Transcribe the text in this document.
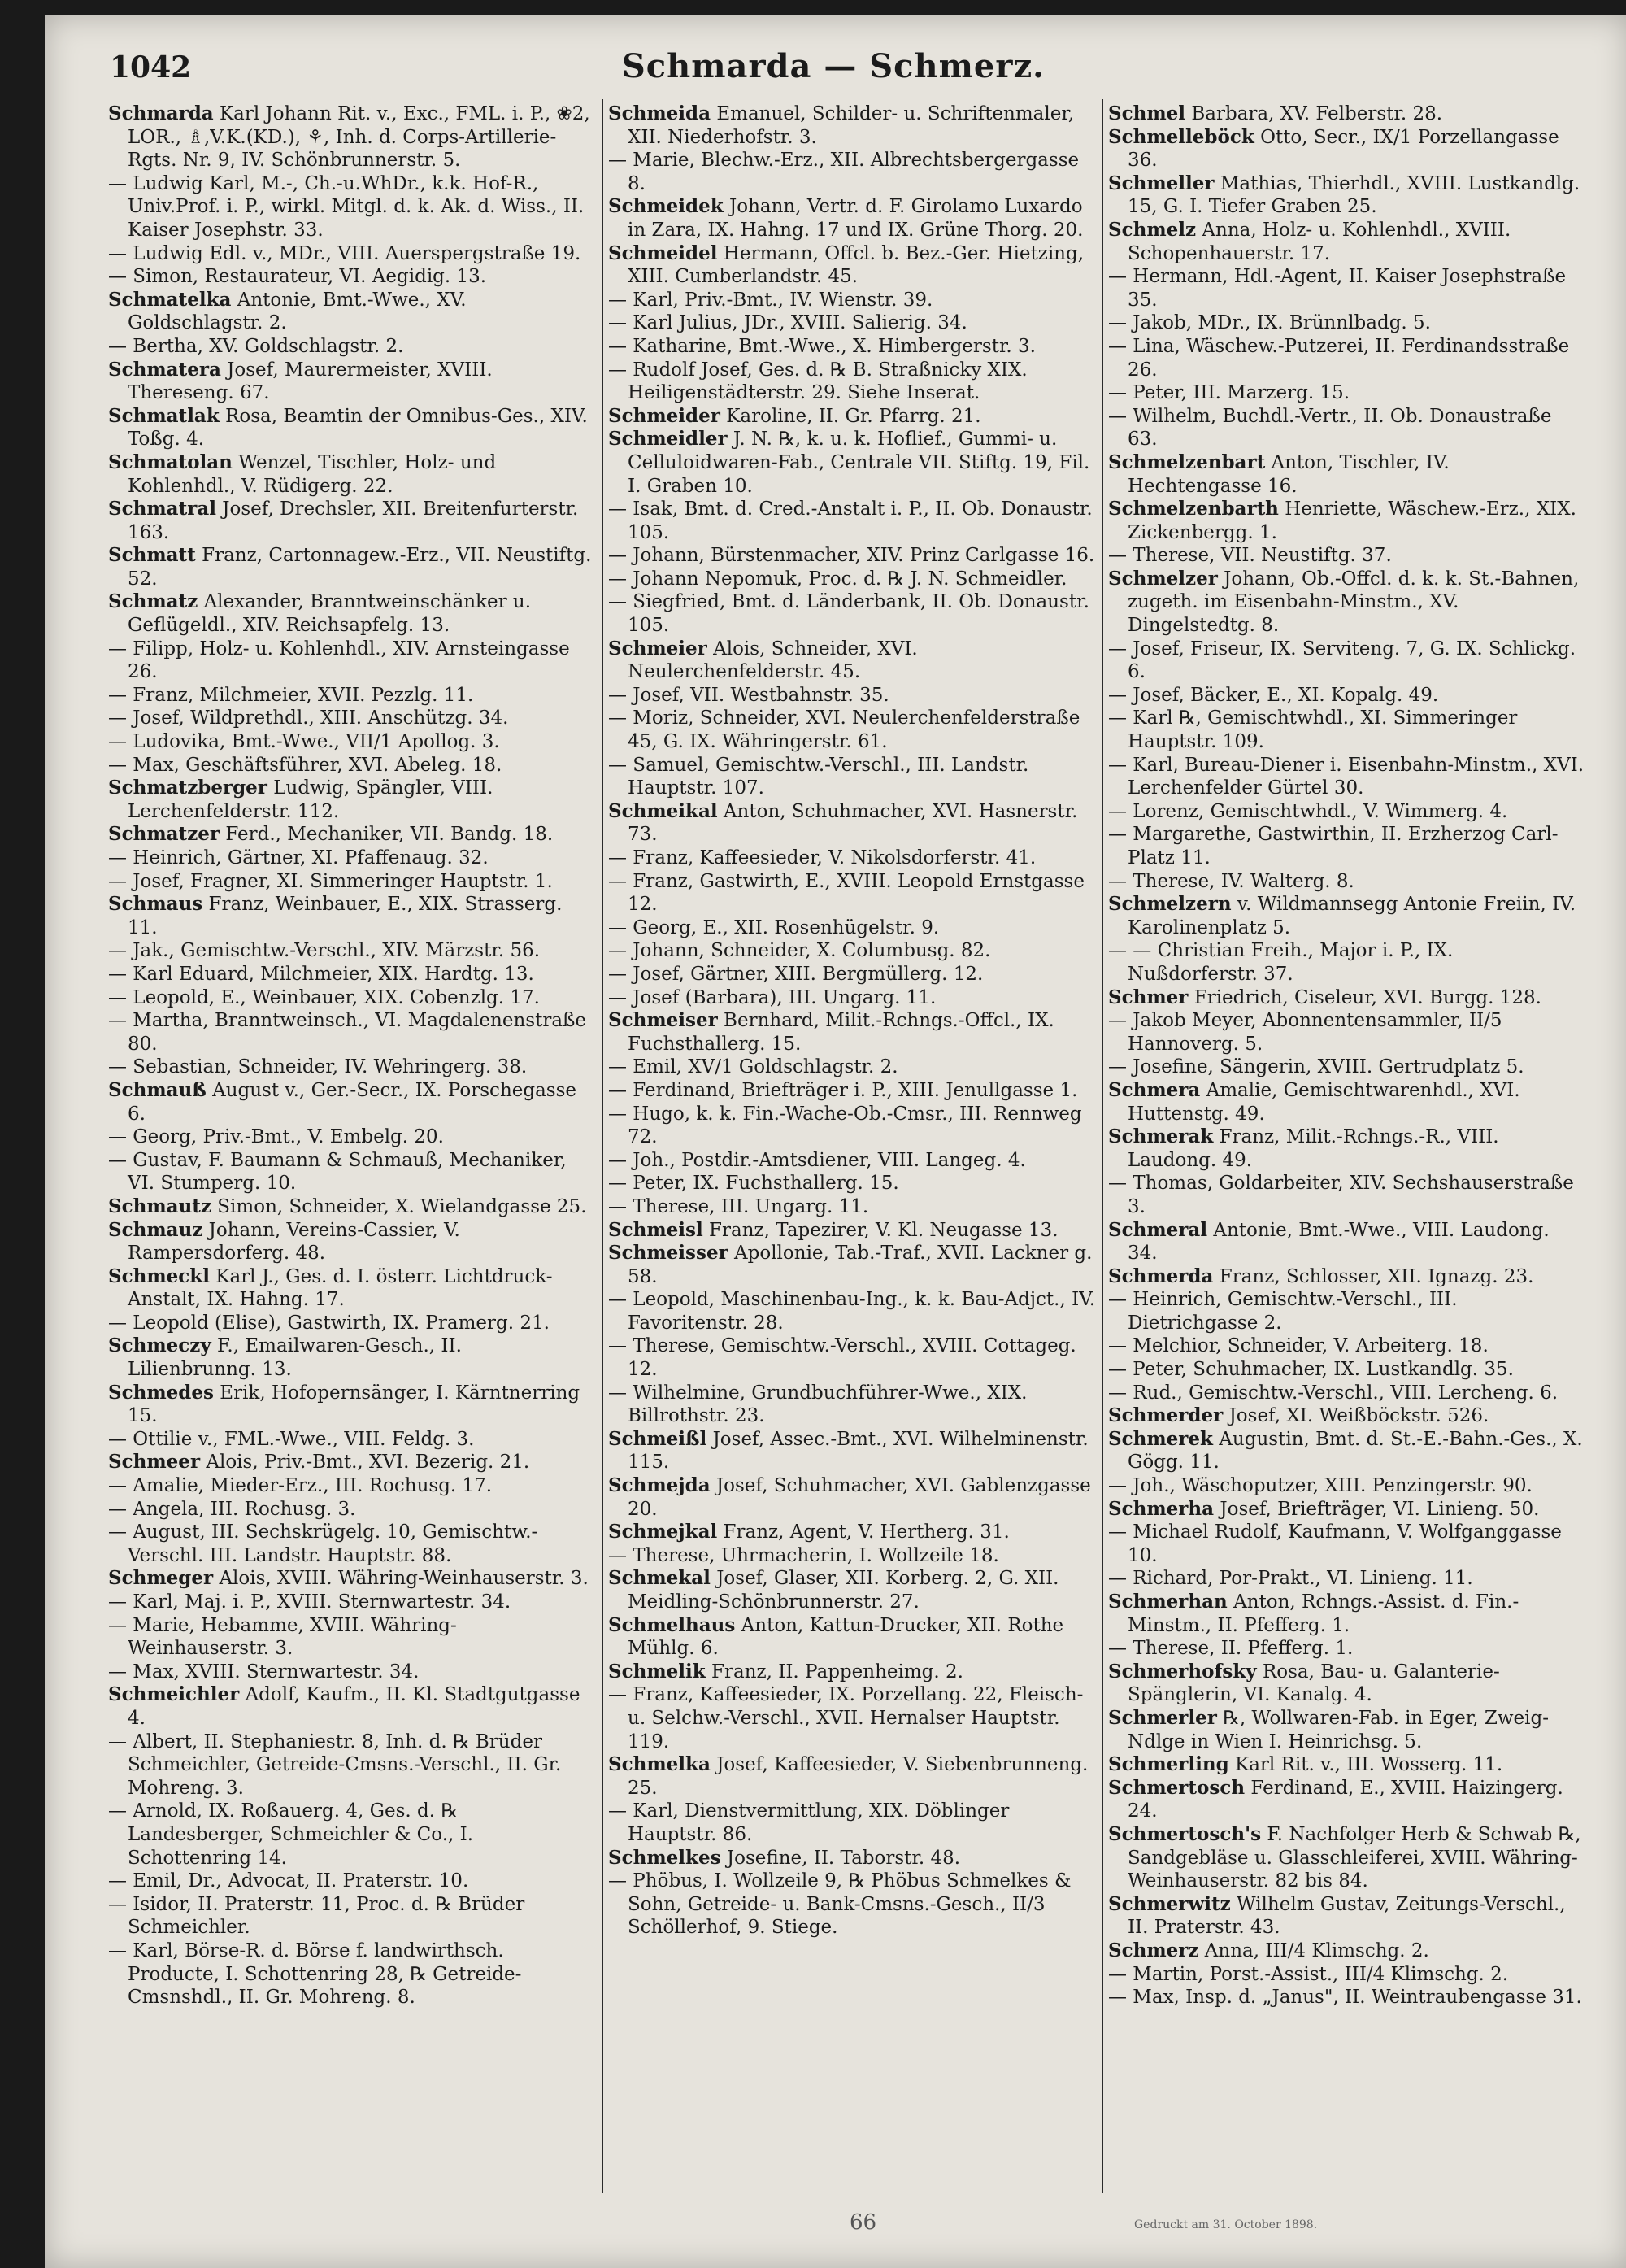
1042	Schmarda — Schmerz.

Schmarda Karl Johann Rit. v., Exc., FML. i. P., ❀2, LOR., ♗,V.K.(KD.), ⚘, Inh. d. Corps-Artillerie-Rgts. Nr. 9, IV. Schönbrunnerstr. 5.

— Ludwig Karl, M.-, Ch.-u.WhDr., k.k. Hof-R., Univ.Prof. i. P., wirkl. Mitgl. d. k. Ak. d. Wiss., II. Kaiser Josephstr. 33.

— Ludwig Edl. v., MDr., VIII. Auerspergstraße 19.

— Simon, Restaurateur, VI. Aegidig. 13.

Schmatelka Antonie, Bmt.-Wwe., XV. Goldschlagstr. 2.

— Bertha, XV. Goldschlagstr. 2.

Schmatera Josef, Maurermeister, XVIII. Thereseng. 67.

Schmatlak Rosa, Beamtin der Omnibus-Ges., XIV. Toßg. 4.

Schmatolan Wenzel, Tischler, Holz- und Kohlenhdl., V. Rüdigerg. 22.

Schmatral Josef, Drechsler, XII. Breitenfurterstr. 163.

Schmatt Franz, Cartonnagew.-Erz., VII. Neustiftg. 52.

Schmatz Alexander, Branntweinschänker u. Geflügeldl., XIV. Reichsapfelg. 13.

— Filipp, Holz- u. Kohlenhdl., XIV. Arnsteingasse 26.

— Franz, Milchmeier, XVII. Pezzlg. 11.

— Josef, Wildprethdl., XIII. Anschützg. 34.

— Ludovika, Bmt.-Wwe., VII/1 Apollog. 3.

— Max, Geschäftsführer, XVI. Abeleg. 18.

Schmatzberger Ludwig, Spängler, VIII. Lerchenfelderstr. 112.

Schmatzer Ferd., Mechaniker, VII. Bandg. 18.

— Heinrich, Gärtner, XI. Pfaffenaug. 32.

— Josef, Fragner, XI. Simmeringer Hauptstr. 1.

Schmaus Franz, Weinbauer, E., XIX. Strasserg. 11.

— Jak., Gemischtw.-Verschl., XIV. Märzstr. 56.

— Karl Eduard, Milchmeier, XIX. Hardtg. 13.

— Leopold, E., Weinbauer, XIX. Cobenzlg. 17.

— Martha, Branntweinsch., VI. Magdalenenstraße 80.

— Sebastian, Schneider, IV. Wehringerg. 38.

Schmauß August v., Ger.-Secr., IX. Porschegasse 6.

— Georg, Priv.-Bmt., V. Embelg. 20.

— Gustav, F. Baumann & Schmauß, Mechaniker, VI. Stumperg. 10.

Schmautz Simon, Schneider, X. Wielandgasse 25.

Schmauz Johann, Vereins-Cassier, V. Rampersdorferg. 48.

Schmeckl Karl J., Ges. d. I. österr. Lichtdruck-Anstalt, IX. Hahng. 17.

— Leopold (Elise), Gastwirth, IX. Pramerg. 21.

Schmeczy F., Emailwaren-Gesch., II. Lilienbrunng. 13.

Schmedes Erik, Hofopernsänger, I. Kärntnerring 15.

— Ottilie v., FML.-Wwe., VIII. Feldg. 3.

Schmeer Alois, Priv.-Bmt., XVI. Bezerig. 21.

— Amalie, Mieder-Erz., III. Rochusg. 17.

— Angela, III. Rochusg. 3.

— August, III. Sechskrügelg. 10, Gemischtw.-Verschl. III. Landstr. Hauptstr. 88.

Schmeger Alois, XVIII. Währing-Weinhauserstr. 3.

— Karl, Maj. i. P., XVIII. Sternwartestr. 34.

— Marie, Hebamme, XVIII. Währing-Weinhauserstr. 3.

— Max, XVIII. Sternwartestr. 34.

Schmeichler Adolf, Kaufm., II. Kl. Stadtgutgasse 4.

— Albert, II. Stephaniestr. 8, Inh. d. ℞ Brüder Schmeichler, Getreide-Cmsns.-Verschl., II. Gr. Mohreng. 3.

— Arnold, IX. Roßauerg. 4, Ges. d. ℞ Landesberger, Schmeichler & Co., I. Schottenring 14.

— Emil, Dr., Advocat, II. Praterstr. 10.

— Isidor, II. Praterstr. 11, Proc. d. ℞ Brüder Schmeichler.

— Karl, Börse-R. d. Börse f. landwirthsch. Producte, I. Schottenring 28, ℞ Getreide-Cmsnshdl., II. Gr. Mohreng. 8.

Schmeida Emanuel, Schilder- u. Schriftenmaler, XII. Niederhofstr. 3.

— Marie, Blechw.-Erz., XII. Albrechtsbergergasse 8.

Schmeidek Johann, Vertr. d. F. Girolamo Luxardo in Zara, IX. Hahng. 17 und IX. Grüne Thorg. 20.

Schmeidel Hermann, Offcl. b. Bez.-Ger. Hietzing, XIII. Cumberlandstr. 45.

— Karl, Priv.-Bmt., IV. Wienstr. 39.

— Karl Julius, JDr., XVIII. Salierig. 34.

— Katharine, Bmt.-Wwe., X. Himbergerstr. 3.

— Rudolf Josef, Ges. d. ℞ B. Straßnicky XIX. Heiligenstädterstr. 29. Siehe Inserat.

Schmeider Karoline, II. Gr. Pfarrg. 21.

Schmeidler J. N. ℞, k. u. k. Hoflief., Gummi- u. Celluloidwaren-Fab., Centrale VII. Stiftg. 19, Fil. I. Graben 10.

— Isak, Bmt. d. Cred.-Anstalt i. P., II. Ob. Donaustr. 105.

— Johann, Bürstenmacher, XIV. Prinz Carlgasse 16.

— Johann Nepomuk, Proc. d. ℞ J. N. Schmeidler.

— Siegfried, Bmt. d. Länderbank, II. Ob. Donaustr. 105.

Schmeier Alois, Schneider, XVI. Neulerchenfelderstr. 45.

— Josef, VII. Westbahnstr. 35.

— Moriz, Schneider, XVI. Neulerchenfelderstraße 45, G. IX. Währingerstr. 61.

— Samuel, Gemischtw.-Verschl., III. Landstr. Hauptstr. 107.

Schmeikal Anton, Schuhmacher, XVI. Hasnerstr. 73.

— Franz, Kaffeesieder, V. Nikolsdorferstr. 41.

— Franz, Gastwirth, E., XVIII. Leopold Ernstgasse 12.

— Georg, E., XII. Rosenhügelstr. 9.

— Johann, Schneider, X. Columbusg. 82.

— Josef, Gärtner, XIII. Bergmüllerg. 12.

— Josef (Barbara), III. Ungarg. 11.

Schmeiser Bernhard, Milit.-Rchngs.-Offcl., IX. Fuchsthallerg. 15.

— Emil, XV/1 Goldschlagstr. 2.

— Ferdinand, Briefträger i. P., XIII. Jenullgasse 1.

— Hugo, k. k. Fin.-Wache-Ob.-Cmsr., III. Rennweg 72.

— Joh., Postdir.-Amtsdiener, VIII. Langeg. 4.

— Peter, IX. Fuchsthallerg. 15.

— Therese, III. Ungarg. 11.

Schmeisl Franz, Tapezirer, V. Kl. Neugasse 13.

Schmeisser Apollonie, Tab.-Traf., XVII. Lackner g. 58.

— Leopold, Maschinenbau-Ing., k. k. Bau-Adjct., IV. Favoritenstr. 28.

— Therese, Gemischtw.-Verschl., XVIII. Cottageg. 12.

— Wilhelmine, Grundbuchführer-Wwe., XIX. Billrothstr. 23.

Schmeißl Josef, Assec.-Bmt., XVI. Wilhelminenstr. 115.

Schmejda Josef, Schuhmacher, XVI. Gablenzgasse 20.

Schmejkal Franz, Agent, V. Hertherg. 31.

— Therese, Uhrmacherin, I. Wollzeile 18.

Schmekal Josef, Glaser, XII. Korberg. 2, G. XII. Meidling-Schönbrunnerstr. 27.

Schmelhaus Anton, Kattun-Drucker, XII. Rothe Mühlg. 6.

Schmelik Franz, II. Pappenheimg. 2.

— Franz, Kaffeesieder, IX. Porzellang. 22, Fleisch- u. Selchw.-Verschl., XVII. Hernalser Hauptstr. 119.

Schmelka Josef, Kaffeesieder, V. Siebenbrunneng. 25.

— Karl, Dienstvermittlung, XIX. Döblinger Hauptstr. 86.

Schmelkes Josefine, II. Taborstr. 48.

— Phöbus, I. Wollzeile 9, ℞ Phöbus Schmelkes & Sohn, Getreide- u. Bank-Cmsns.-Gesch., II/3 Schöllerhof, 9. Stiege.

Schmel Barbara, XV. Felberstr. 28.

Schmelleböck Otto, Secr., IX/1 Porzellangasse 36.

Schmeller Mathias, Thierhdl., XVIII. Lustkandlg. 15, G. I. Tiefer Graben 25.

Schmelz Anna, Holz- u. Kohlenhdl., XVIII. Schopenhauerstr. 17.

— Hermann, Hdl.-Agent, II. Kaiser Josephstraße 35.

— Jakob, MDr., IX. Brünnlbadg. 5.

— Lina, Wäschew.-Putzerei, II. Ferdinandsstraße 26.

— Peter, III. Marzerg. 15.

— Wilhelm, Buchdl.-Vertr., II. Ob. Donaustraße 63.

Schmelzenbart Anton, Tischler, IV. Hechtengasse 16.

Schmelzenbarth Henriette, Wäschew.-Erz., XIX. Zickenbergg. 1.

— Therese, VII. Neustiftg. 37.

Schmelzer Johann, Ob.-Offcl. d. k. k. St.-Bahnen, zugeth. im Eisenbahn-Minstm., XV. Dingelstedtg. 8.

— Josef, Friseur, IX. Serviteng. 7, G. IX. Schlickg. 6.

— Josef, Bäcker, E., XI. Kopalg. 49.

— Karl ℞, Gemischtwhdl., XI. Simmeringer Hauptstr. 109.

— Karl, Bureau-Diener i. Eisenbahn-Minstm., XVI. Lerchenfelder Gürtel 30.

— Lorenz, Gemischtwhdl., V. Wimmerg. 4.

— Margarethe, Gastwirthin, II. Erzherzog Carl-Platz 11.

— Therese, IV. Walterg. 8.

Schmelzern v. Wildmannsegg Antonie Freiin, IV. Karolinenplatz 5.

— — Christian Freih., Major i. P., IX. Nußdorferstr. 37.

Schmer Friedrich, Ciseleur, XVI. Burgg. 128.

— Jakob Meyer, Abonnentensammler, II/5 Hannoverg. 5.

— Josefine, Sängerin, XVIII. Gertrudplatz 5.

Schmera Amalie, Gemischtwarenhdl., XVI. Huttenstg. 49.

Schmerak Franz, Milit.-Rchngs.-R., VIII. Laudong. 49.

— Thomas, Goldarbeiter, XIV. Sechshauserstraße 3.

Schmeral Antonie, Bmt.-Wwe., VIII. Laudong. 34.

Schmerda Franz, Schlosser, XII. Ignazg. 23.

— Heinrich, Gemischtw.-Verschl., III. Dietrichgasse 2.

— Melchior, Schneider, V. Arbeiterg. 18.

— Peter, Schuhmacher, IX. Lustkandlg. 35.

— Rud., Gemischtw.-Verschl., VIII. Lercheng. 6.

Schmerder Josef, XI. Weißböckstr. 526.

Schmerek Augustin, Bmt. d. St.-E.-Bahn.-Ges., X. Gögg. 11.

— Joh., Wäschoputzer, XIII. Penzingerstr. 90.

Schmerha Josef, Briefträger, VI. Linieng. 50.

— Michael Rudolf, Kaufmann, V. Wolfganggasse 10.

— Richard, Por-Prakt., VI. Linieng. 11.

Schmerhan Anton, Rchngs.-Assist. d. Fin.-Minstm., II. Pfefferg. 1.

— Therese, II. Pfefferg. 1.

Schmerhofsky Rosa, Bau- u. Galanterie-Spänglerin, VI. Kanalg. 4.

Schmerler ℞, Wollwaren-Fab. in Eger, Zweig-Ndlge in Wien I. Heinrichsg. 5.

Schmerling Karl Rit. v., III. Wosserg. 11.

Schmertosch Ferdinand, E., XVIII. Haizingerg. 24.

Schmertosch's F. Nachfolger Herb & Schwab ℞, Sandgebläse u. Glasschleiferei, XVIII. Währing-Weinhauserstr. 82 bis 84.

Schmerwitz Wilhelm Gustav, Zeitungs-Verschl., II. Praterstr. 43.

Schmerz Anna, III/4 Klimschg. 2.

— Martin, Porst.-Assist., III/4 Klimschg. 2.

— Max, Insp. d. „Janus", II. Weintraubengasse 31.

66	Gedruckt am 31. October 1898.
